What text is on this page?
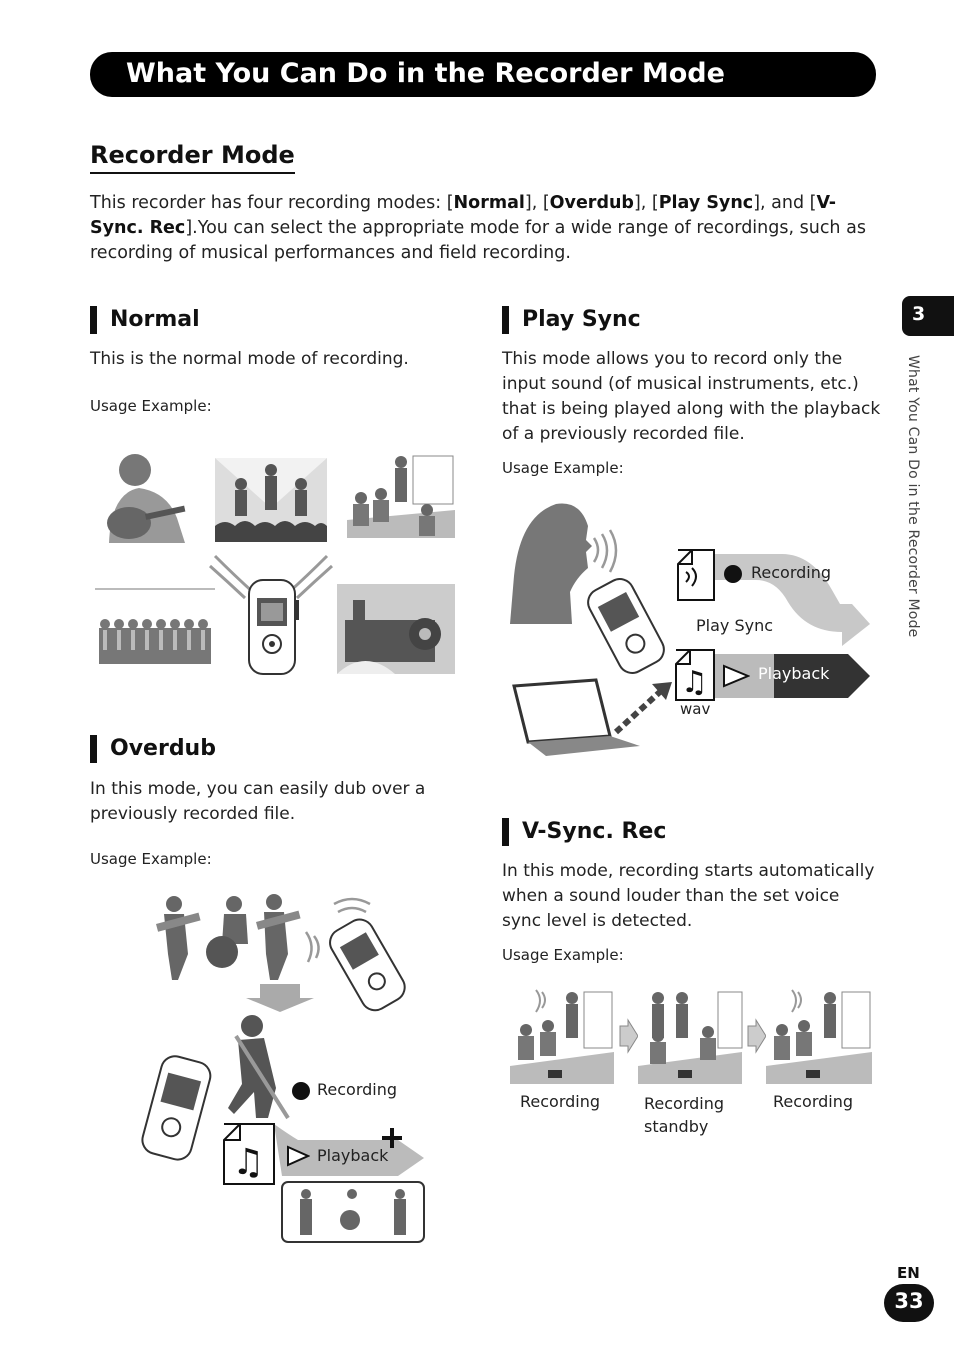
What You Can Do in the Recorder Mode
Recorder Mode
This recorder has four recording modes: [Normal], [Overdub], [Play Sync], and [V-Sync. Rec].You can select the appropriate mode for a wide range of recordings, such as recording of musical performances and field recording.
Normal
This is the normal mode of recording.
Usage Example:
Overdub
In this mode, you can easily dub over a previously recorded file.
Usage Example:
♫
Recording
Playback
Play Sync
This mode allows you to record only the input sound (of musical instruments, etc.) that is being played along with the playback of a previously recorded file.
Usage Example:
♫
Recording
Play Sync
Playback
wav
V-Sync. Rec
In this mode, recording starts automatically when a sound louder than the set voice sync level is detected.
Usage Example:
Recording	Recording standby
Recording
3
What You Can Do in the Recorder Mode
EN
33
